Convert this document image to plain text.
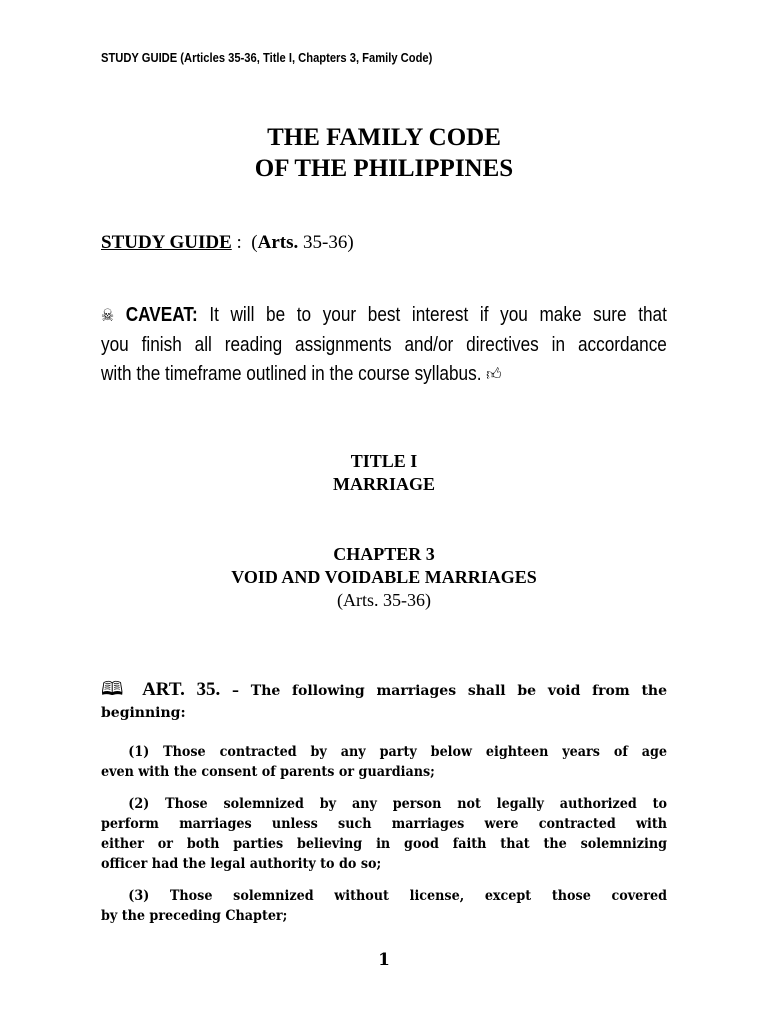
STUDY GUIDE (Articles 35-36, Title I, Chapters 3, Family Code)
THE FAMILY CODE
OF THE PHILIPPINES
STUDY GUIDE :  (Arts. 35-36)
☠ CAVEAT: It will be to your best interest if you make sure that
you finish all reading assignments and/or directives in accordance
with the timeframe outlined in the course syllabus. 👍︎
TITLE I
MARRIAGE
CHAPTER 3
VOID AND VOIDABLE MARRIAGES
(Arts. 35-36)
🕮 ART. 35. – The following marriages shall be void from the
beginning:
(1) Those contracted by any party below eighteen years of age
even with the consent of parents or guardians;
(2) Those solemnized by any person not legally authorized to
perform marriages unless such marriages were contracted with
either or both parties believing in good faith that the solemnizing
officer had the legal authority to do so;
(3) Those solemnized without license, except those covered
by the preceding Chapter;
1
